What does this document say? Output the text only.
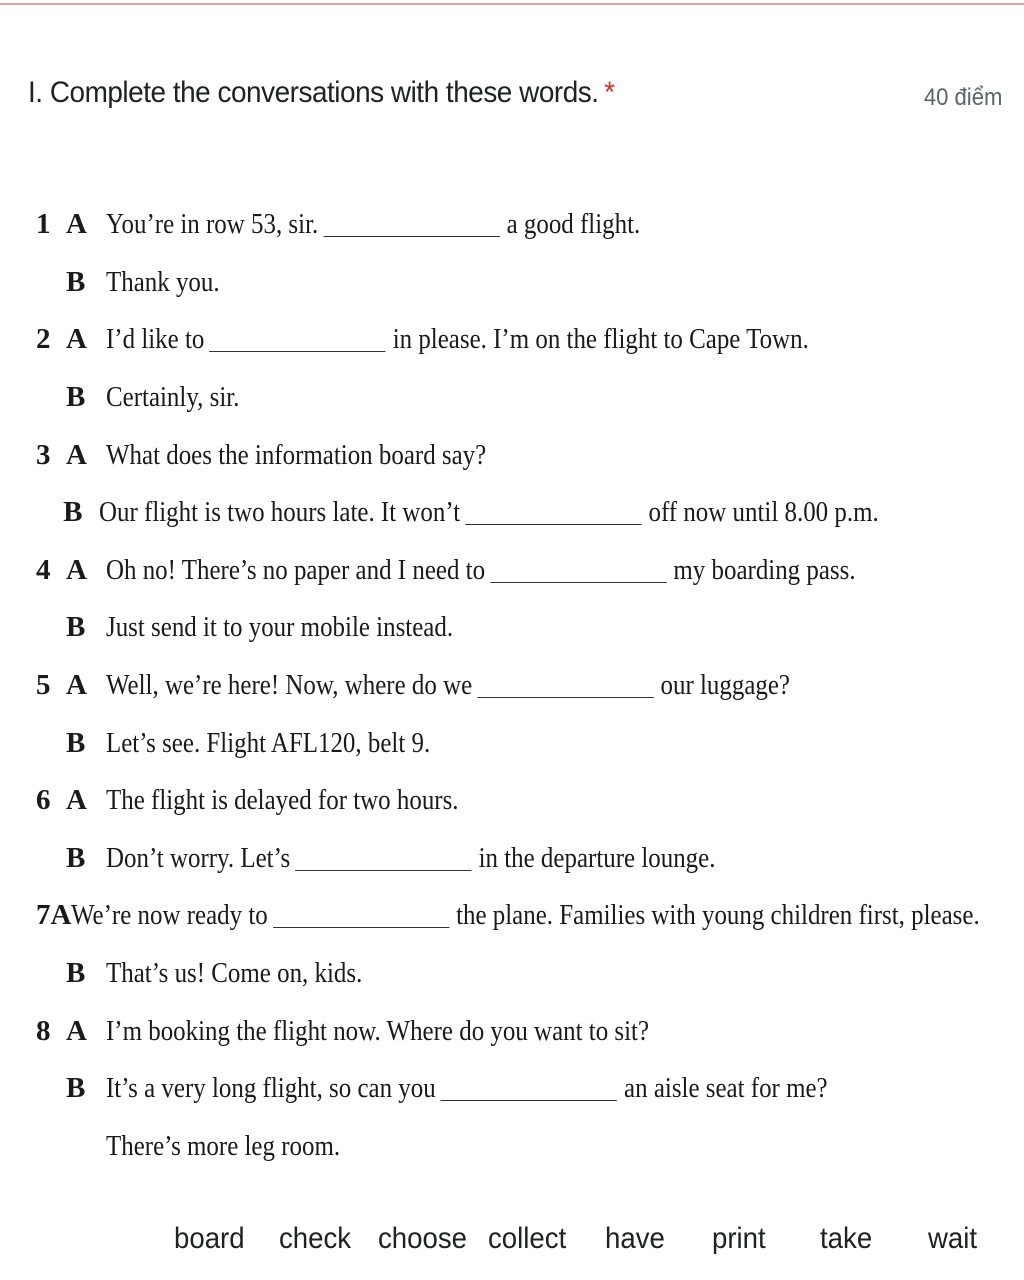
I. Complete the conversations with these words. *	40 điểm
1 A You’re in row 53, sir.	a good flight.
B Thank you.
2 A I’d like to	in please. I’m on the flight to Cape Town.
B Certainly, sir.
3 A What does the information board say?
B Our flight is two hours late. It won’t	off now until 8.00 p.m.
4 A Oh no! There’s no paper and I need to	my boarding pass.
B Just send it to your mobile instead.
5 A Well, we’re here! Now, where do we	our luggage?
B Let’s see. Flight AFL120, belt 9.
6 A The flight is delayed for two hours.
B Don’t worry. Let’s	in the departure lounge.
7 A We’re now ready to	the plane. Families with young children first, please.
B That’s us! Come on, kids.
8 A I’m booking the flight now. Where do you want to sit?
B It’s a very long flight, so can you	an aisle seat for me?
There’s more leg room.
board check choose collect have print take wait
